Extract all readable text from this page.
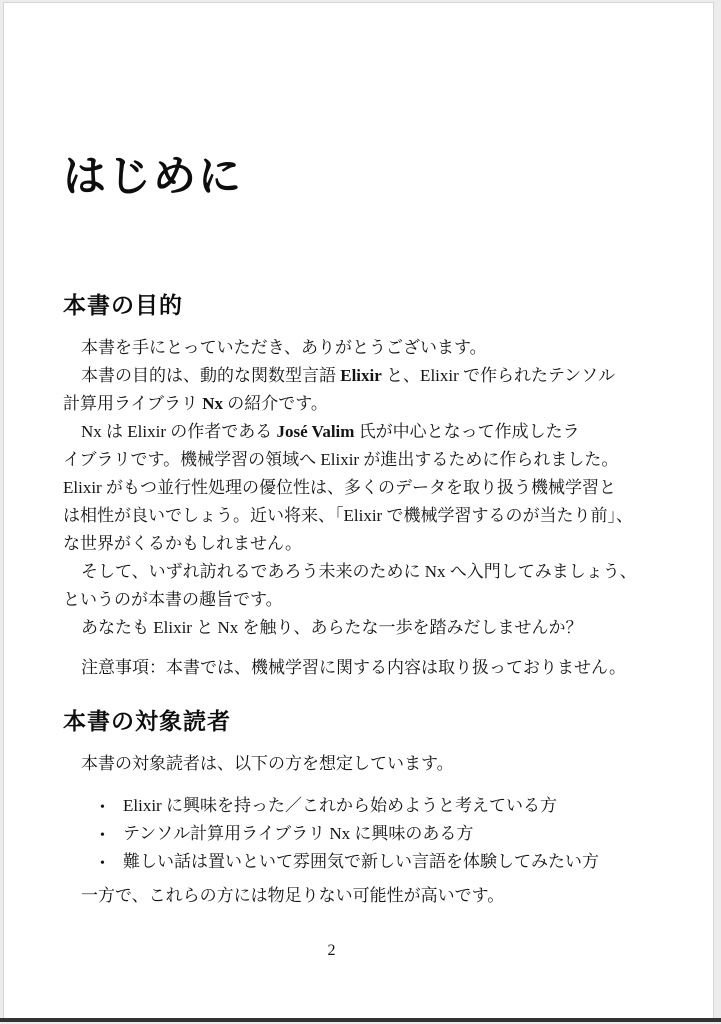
はじめに
本書の目的
本書を手にとっていただき、ありがとうございます。
本書の目的は、動的な関数型言語 Elixir と、Elixir で作られたテンソル
計算用ライブラリ Nx の紹介です。
Nx は Elixir の作者である José Valim 氏が中心となって作成したラ
イブラリです。機械学習の領域へ Elixir が進出するために作られました。
Elixir がもつ並行性処理の優位性は、多くのデータを取り扱う機械学習と
は相性が良いでしょう。近い将来、「Elixir で機械学習するのが当たり前」、
な世界がくるかもしれません。
そして、いずれ訪れるであろう未来のために Nx へ入門してみましょう、
というのが本書の趣旨です。
あなたも Elixir と Nx を触り、あらたな一歩を踏みだしませんか？
注意事項：本書では、機械学習に関する内容は取り扱っておりません。
本書の対象読者
本書の対象読者は、以下の方を想定しています。
• Elixir に興味を持った／これから始めようと考えている方
• テンソル計算用ライブラリ Nx に興味のある方
• 難しい話は置いといて雰囲気で新しい言語を体験してみたい方
一方で、これらの方には物足りない可能性が高いです。
2
